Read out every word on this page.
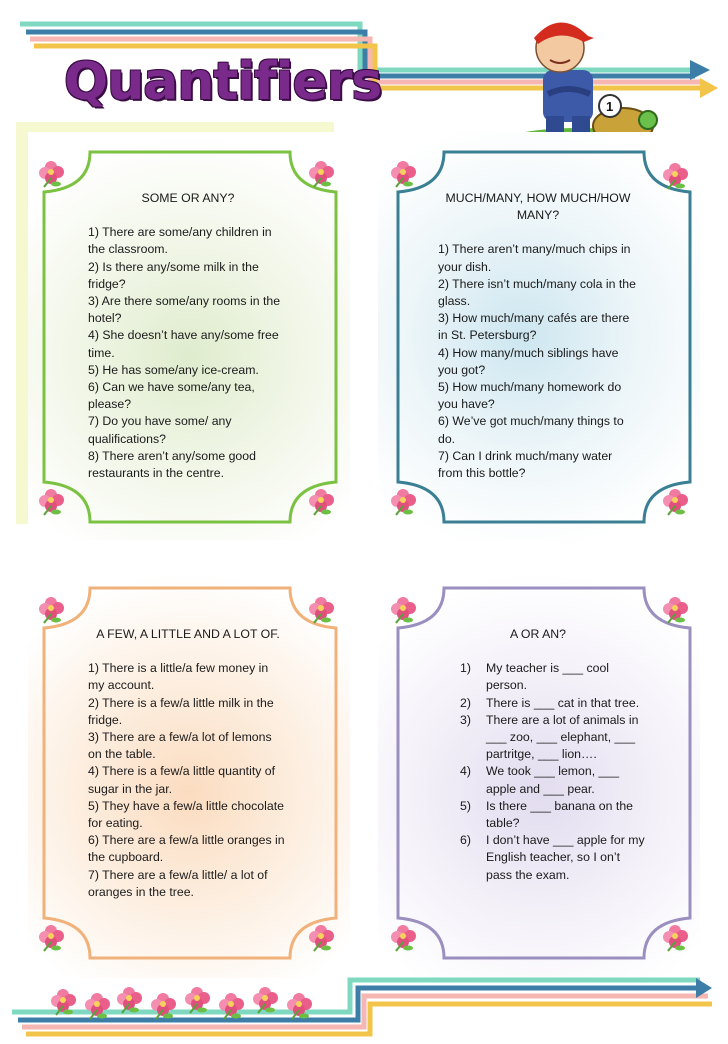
Quantifiers	1
SOME OR ANY?

1) There are some/any children in the classroom.

2) Is there any/some milk in the fridge?

3) Are there some/any rooms in the hotel?

4) She doesn’t have any/some free time.

5) He has some/any ice-cream.

6) Can we have some/any tea, please?

7) Do you have some/ any qualifications?

8) There aren’t any/some good restaurants in the centre.

MUCH/MANY, HOW MUCH/HOW MANY?

1) There aren’t many/much chips in your dish.

2) There isn’t much/many cola in the glass.

3) How much/many cafés are there in St. Petersburg?

4) How many/much siblings have you got?

5) How much/many homework do you have?

6) We’ve got much/many things to do.

7) Can I drink much/many water from this bottle?

A FEW, A LITTLE AND A LOT OF.

1) There is a little/a few money in my account.

2) There is a few/a little milk in the fridge.

3) There are a few/a lot of lemons on the table.

4) There is a few/a little quantity of sugar in the jar.

5) They have a few/a little chocolate for eating.

6) There are a few/a little oranges in the cupboard.

7) There are a few/a little/ a lot of oranges in the tree.

A OR AN?
1) My teacher is ___ cool person.
2) There is ___ cat in that tree.
3) There are a lot of animals in ___ zoo, ___ elephant, ___ partritge, ___ lion….
4) We took ___ lemon, ___ apple and ___ pear.
5) Is there ___ banana on the table?
6) I don’t have ___ apple for my English teacher, so I on’t pass the exam.
